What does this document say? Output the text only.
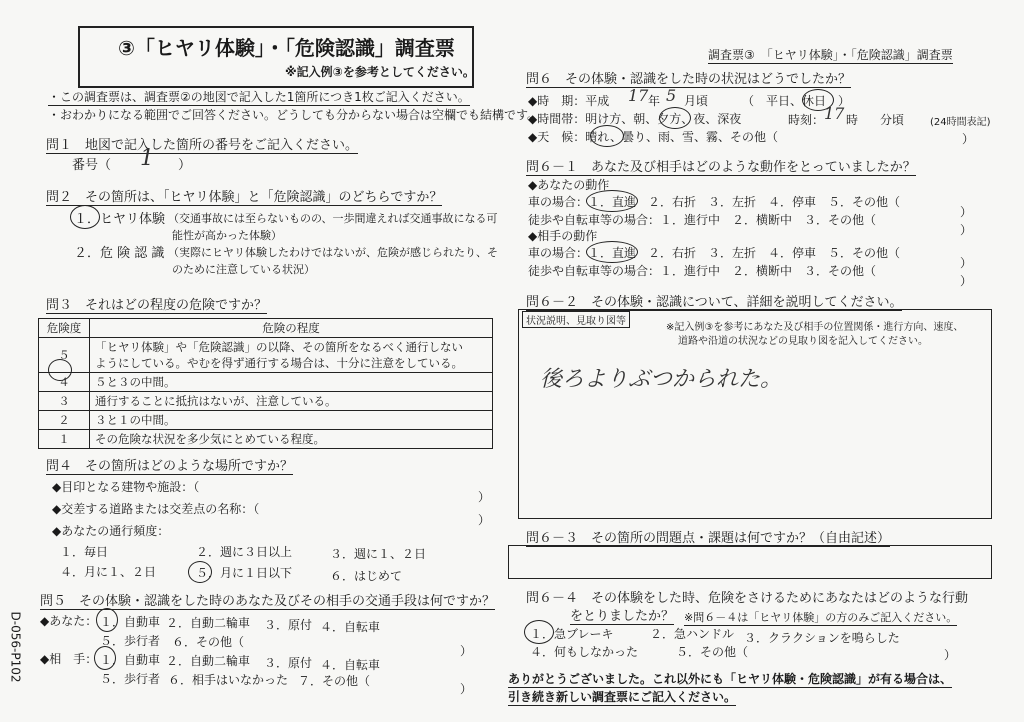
③「ヒヤリ体験」・「危険認識」調査票
※記入例③を参考としてください。
・この調査票は、調査票②の地図で記入した1箇所につき1枚ご記入ください。
・おわかりになる範囲でご回答ください。どうしても分からない場合は空欄でも結構です。
問１　地図で記入した箇所の番号をご記入ください。
番号（ 1 ）
問２　その箇所は、「ヒヤリ体験」と「危険認識」のどちらですか？
１．ヒヤリ体験 （交通事故には至らないものの、一歩間違えれば交通事故になる可
能性が高かった体験）
２．危 険 認 識 （実際にヒヤリ体験したわけではないが、危険が感じられたり、そ
のために注意している状況）
問３　それはどの程度の危険ですか？
危険度	危険の程度
５	「ヒヤリ体験」や「危険認識」の以降、その箇所をなるべく通行しない
ようにしている。やむを得ず通行する場合は、十分に注意をしている。

４	５と３の中間。
３	通行することに抵抗はないが、注意している。
２	３と１の中間。
１	その危険な状況を多少気にとめている程度。
問４　その箇所はどのような場所ですか？
◆目印となる建物や施設：（
）
◆交差する道路または交差点の名称：（
）
◆あなたの通行頻度：
１．毎日	２．週に３日以上	３．週に１、２日
４．月に１、２日	５．月に１日以下	６．はじめて
問５　その体験・認識をした時のあなた及びその相手の交通手段は何ですか？
◆あなた： １．自動車 ２．自動二輪車 ３．原付 ４．自転車
５．歩行者 ６．その他（
）
◆相　手： １．自動車 ２．自動二輪車 ３．原付 ４．自転車
５．歩行者 ６．相手はいなかった ７．その他（
）
D-056-P102
調査票③　「ヒヤリ体験」・「危険認識」調査票
問６　その体験・認識をした時の状況はどうでしたか？
◆時　期：平成 17 年 5 月頃	（　平日、休日　）
◆時間帯：明け方、朝、夕方、夜、深夜	時刻： 17 時 分頃	(24時間表記)
◆天　候：晴れ、曇り、雨、雪、霧、その他（	）
問６－１　あなた及び相手はどのような動作をとっていましたか？
◆あなたの動作
車の場合：１．直進　２．右折　３．左折　４．停車　５．その他（
）
徒歩や自転車等の場合：１．進行中　２．横断中　３．その他（
）
◆相手の動作
車の場合：１．直進　２．右折　３．左折　４．停車　５．その他（
）
徒歩や自転車等の場合：１．進行中　２．横断中　３．その他（
）
問６－２　その体験・認識について、詳細を説明してください。
状況説明、見取り図等
※記入例③を参考にあなた及び相手の位置関係・進行方向、速度、
道路や沿道の状況などの見取り図を記入してください。
後ろよりぶつかられた。
問６－３　その箇所の問題点・課題は何ですか？（自由記述）
問６－４　その体験をした時、危険をさけるためにあなたはどのような行動
をとりましたか？ ※問６－４は「ヒヤリ体験」の方のみご記入ください。
１．急ブレーキ	２．急ハンドル ３．クラクションを鳴らした
４．何もしなかった	５．その他（	）
ありがとうございました。これ以外にも「ヒヤリ体験・危険認識」が有る場合は、
引き続き新しい調査票にご記入ください。
